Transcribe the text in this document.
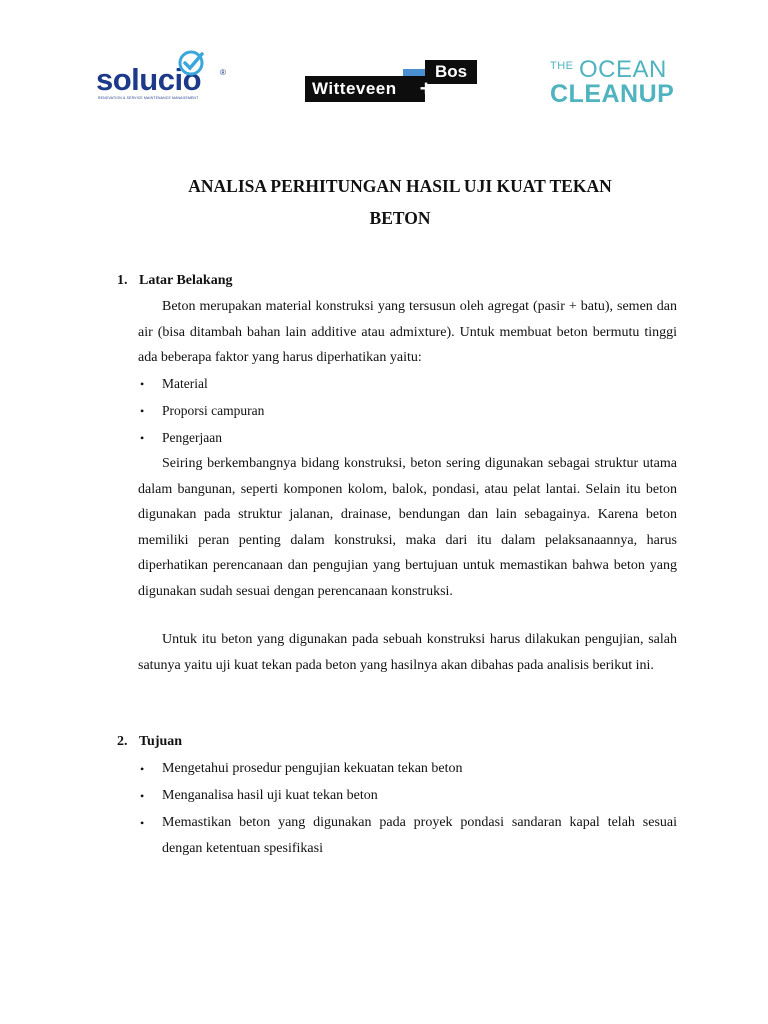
solucio ®
RENOVATION & SERVICE MAINTENANCE MANAGEMENT
Bos
Witteveen	+
THE OCEAN
CLEANUP
ANALISA PERHITUNGAN HASIL UJI KUAT TEKAN
BETON
1. Latar Belakang

Beton merupakan material konstruksi yang tersusun oleh agregat (pasir + batu), semen dan air (bisa ditambah bahan lain additive atau admixture). Untuk membuat beton bermutu tinggi ada beberapa faktor yang harus diperhatikan yaitu:

• Material
• Proporsi campuran
• Pengerjaan

Seiring berkembangnya bidang konstruksi, beton sering digunakan sebagai struktur utama dalam bangunan, seperti komponen kolom, balok, pondasi, atau pelat lantai. Selain itu beton digunakan pada struktur jalanan, drainase, bendungan dan lain sebagainya. Karena beton memiliki peran penting dalam konstruksi, maka dari itu dalam pelaksanaannya, harus diperhatikan perencanaan dan pengujian yang bertujuan untuk memastikan bahwa beton yang digunakan sudah sesuai dengan perencanaan konstruksi.

Untuk itu beton yang digunakan pada sebuah konstruksi harus dilakukan pengujian, salah satunya yaitu uji kuat tekan pada beton yang hasilnya akan dibahas pada analisis berikut ini.

2. Tujuan
• Mengetahui prosedur pengujian kekuatan tekan beton
• Menganalisa hasil uji kuat tekan beton
• Memastikan beton yang digunakan pada proyek pondasi sandaran kapal telah sesuai dengan ketentuan spesifikasi
